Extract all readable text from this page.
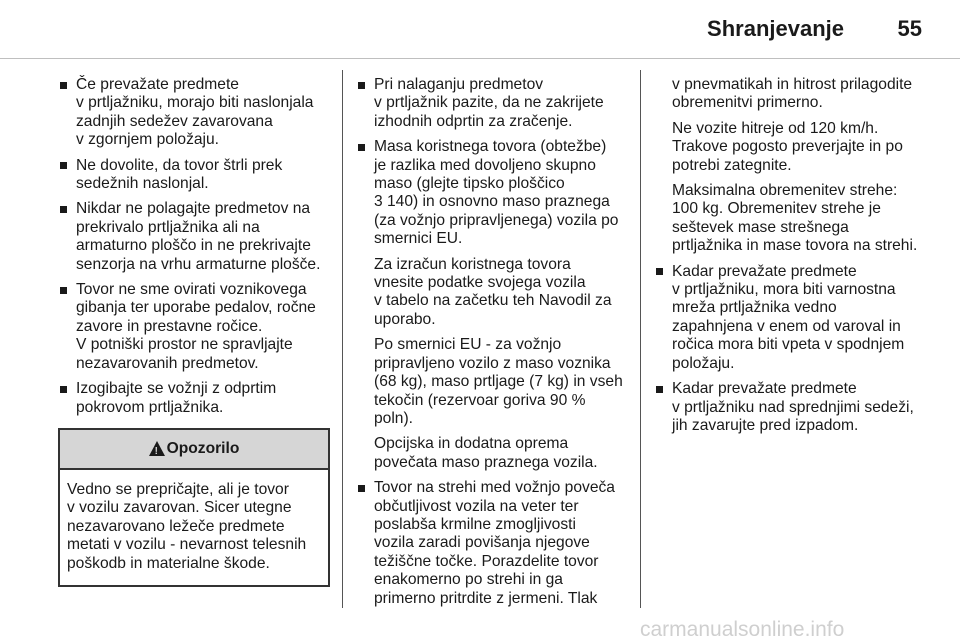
Shranjevanje	55
Če prevažate predmete
v prtljažniku, morajo biti naslonjala
zadnjih sedežev zavarovana
v zgornjem položaju.
Ne dovolite, da tovor štrli prek
sedežnih naslonjal.
Nikdar ne polagajte predmetov na
prekrivalo prtljažnika ali na
armaturno ploščo in ne prekrivajte
senzorja na vrhu armaturne plošče.
Tovor ne sme ovirati voznikovega
gibanja ter uporabe pedalov, ročne
zavore in prestavne ročice.
V potniški prostor ne spravljajte
nezavarovanih predmetov.
Izogibajte se vožnji z odprtim
pokrovom prtljažnika.
!
Opozorilo
Vedno se prepričajte, ali je tovor
v vozilu zavarovan. Sicer utegne
nezavarovano ležeče predmete
metati v vozilu - nevarnost telesnih
poškodb in materialne škode.
Pri nalaganju predmetov
v prtljažnik pazite, da ne zakrijete
izhodnih odprtin za zračenje.
Masa koristnega tovora (obtežbe)
je razlika med dovoljeno skupno
maso (glejte tipsko ploščico
3 140) in osnovno maso praznega
(za vožnjo pripravljenega) vozila po
smernici EU.
Za izračun koristnega tovora
vnesite podatke svojega vozila
v tabelo na začetku teh Navodil za
uporabo.
Po smernici EU - za vožnjo
pripravljeno vozilo z maso voznika
(68 kg), maso prtljage (7 kg) in vseh
tekočin (rezervoar goriva 90 %
poln).
Opcijska in dodatna oprema
povečata maso praznega vozila.
Tovor na strehi med vožnjo poveča
občutljivost vozila na veter ter
poslabša krmilne zmogljivosti
vozila zaradi povišanja njegove
težiščne točke. Porazdelite tovor
enakomerno po strehi in ga
primerno pritrdite z jermeni. Tlak
v pnevmatikah in hitrost prilagodite
obremenitvi primerno.
Ne vozite hitreje od 120 km/h.
Trakove pogosto preverjajte in po
potrebi zategnite.
Maksimalna obremenitev strehe:
100 kg. Obremenitev strehe je
seštevek mase strešnega
prtljažnika in mase tovora na strehi.
Kadar prevažate predmete
v prtljažniku, mora biti varnostna
mreža prtljažnika vedno
zapahnjena v enem od varoval in
ročica mora biti vpeta v spodnjem
položaju.
Kadar prevažate predmete
v prtljažniku nad sprednjimi sedeži,
jih zavarujte pred izpadom.
carmanualsonline.info
